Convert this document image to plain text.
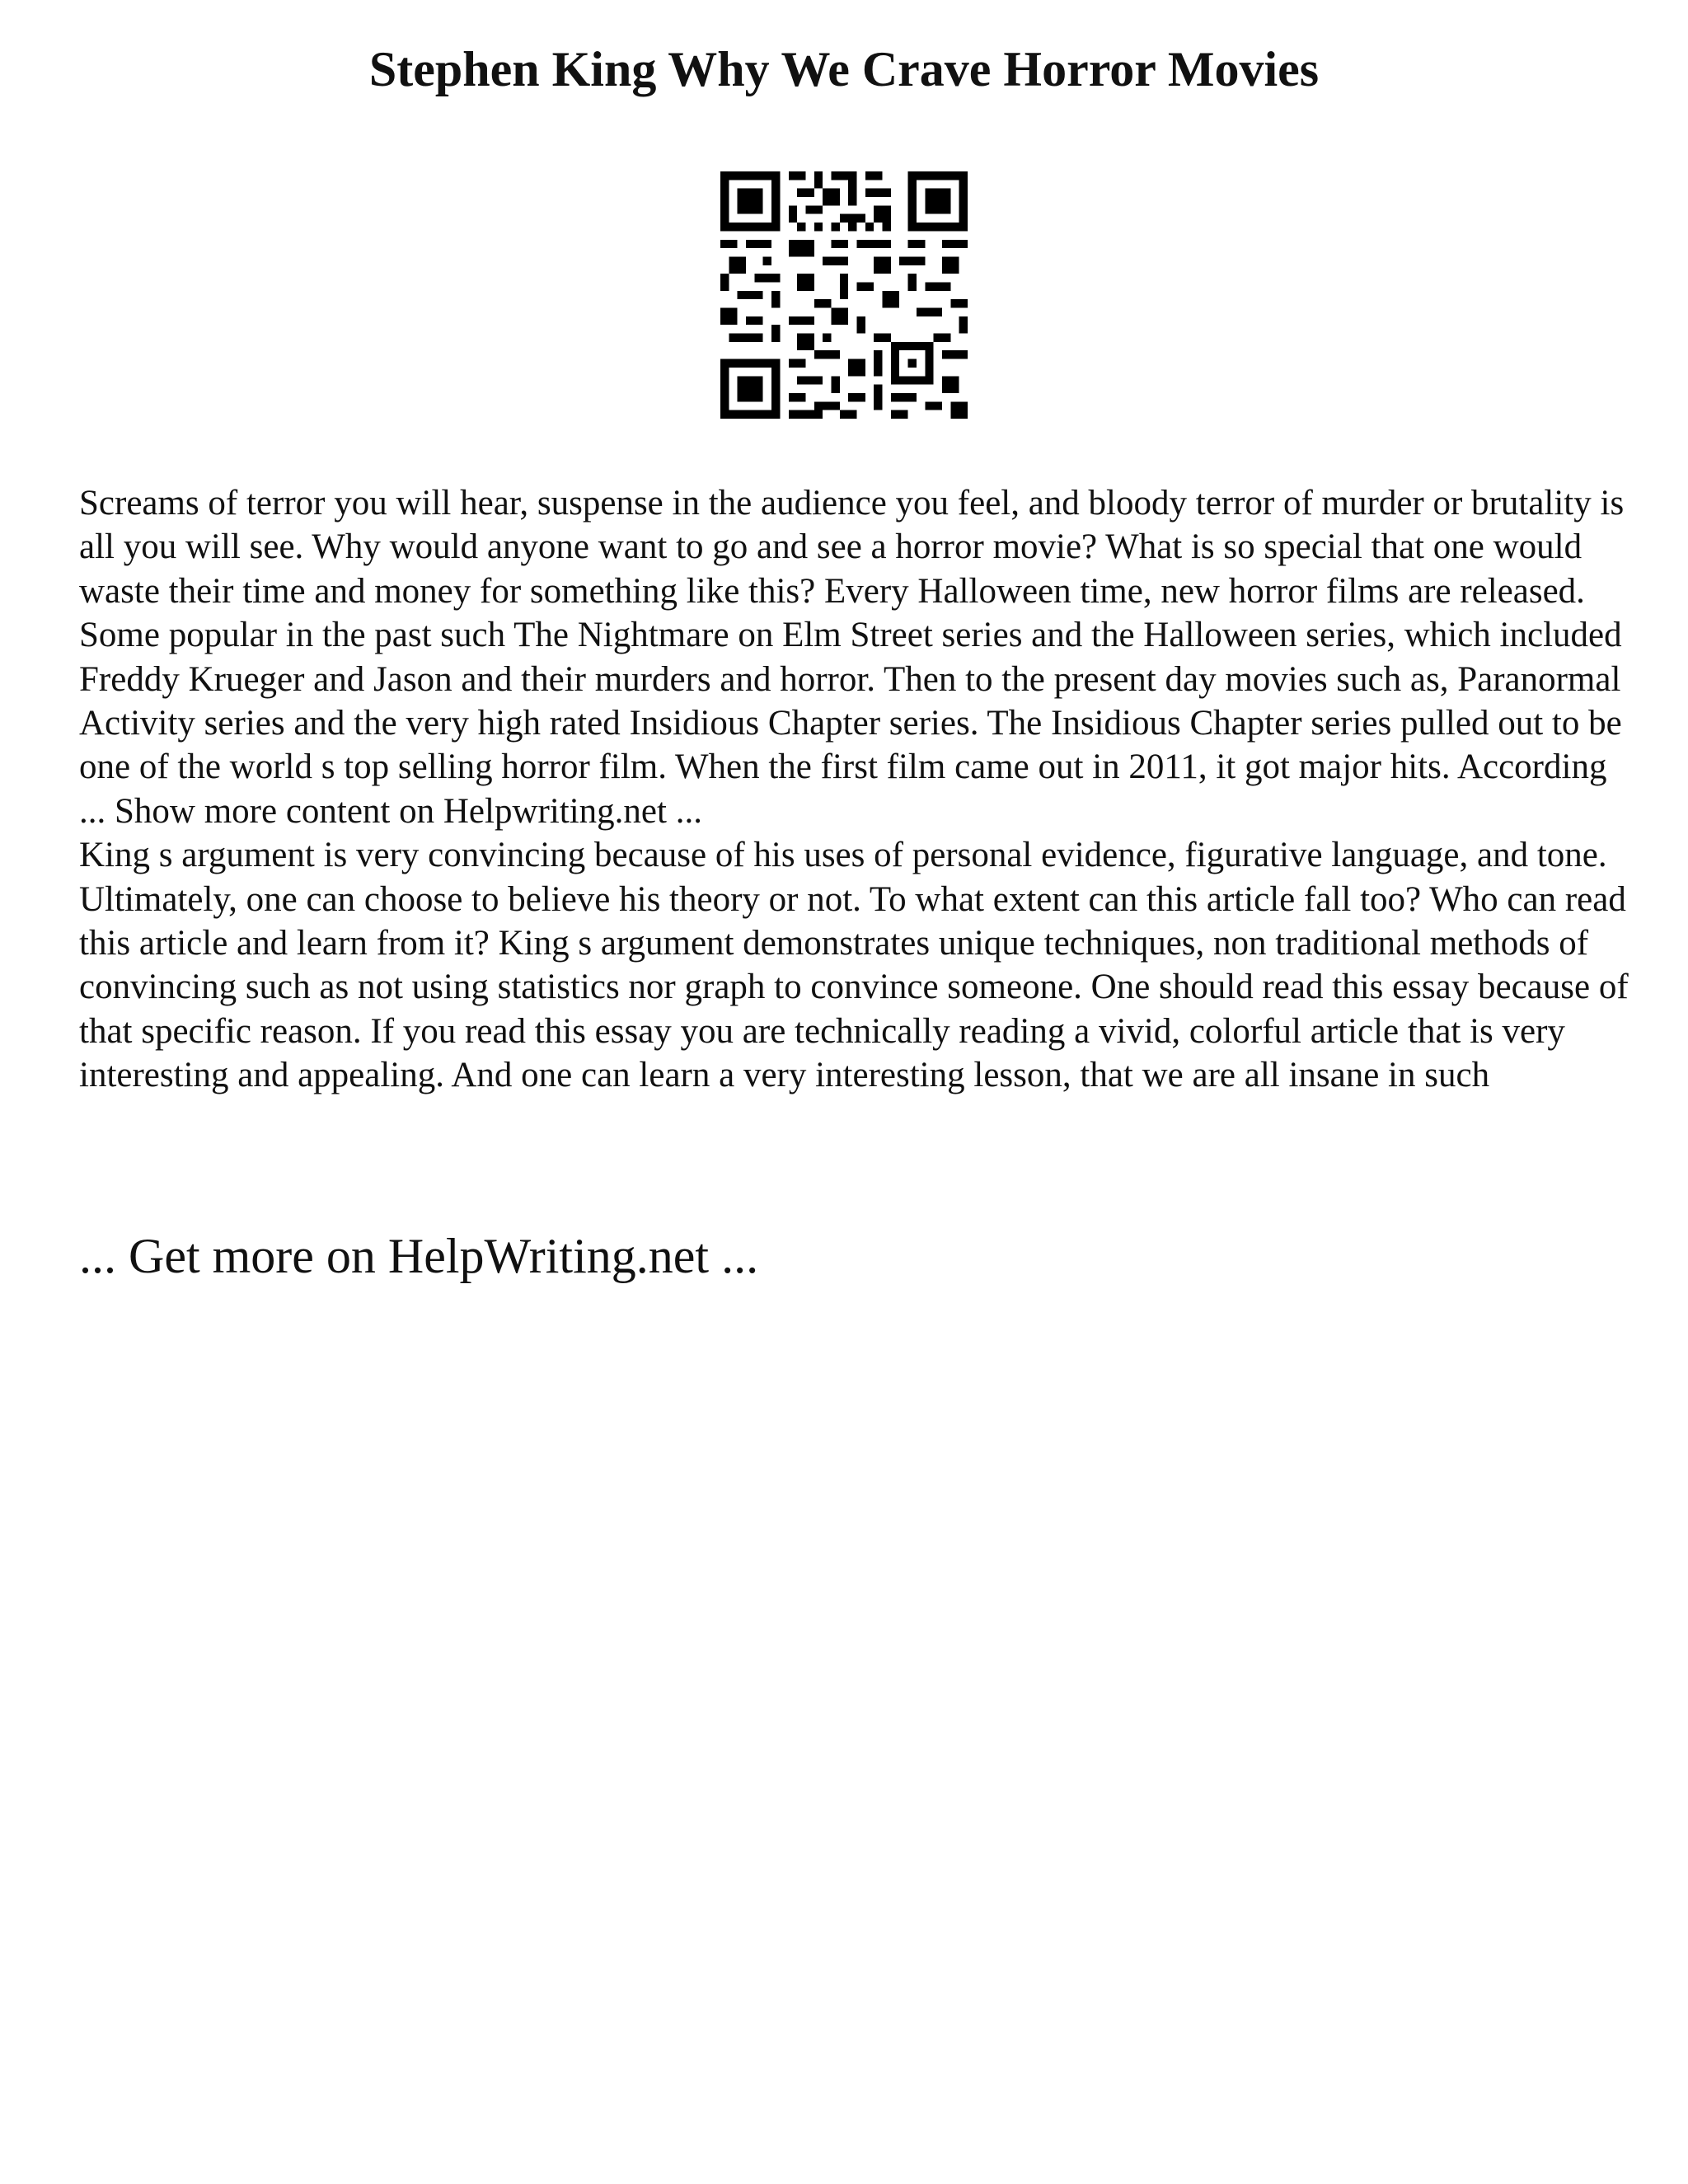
Stephen King Why We Crave Horror Movies

Screams of terror you will hear, suspense in the audience you feel, and bloody terror of murder or brutality is all you will see. Why would anyone want to go and see a horror movie? What is so special that one would waste their time and money for something like this? Every Halloween time, new horror films are released. Some popular in the past such The Nightmare on Elm Street series and the Halloween series, which included Freddy Krueger and Jason and their murders and horror. Then to the present day movies such as, Paranormal Activity series and the very high rated Insidious Chapter series. The Insidious Chapter series pulled out to be one of the world s top selling horror film. When the first film came out in 2011, it got major hits. According ... Show more content on Helpwriting.net ...

King s argument is very convincing because of his uses of personal evidence, figurative language, and tone. Ultimately, one can choose to believe his theory or not. To what extent can this article fall too? Who can read this article and learn from it? King s argument demonstrates unique techniques, non traditional methods of convincing such as not using statistics nor graph to convince someone. One should read this essay because of that specific reason. If you read this essay you are technically reading a vivid, colorful article that is very interesting and appealing. And one can learn a very interesting lesson, that we are all insane in such

... Get more on HelpWriting.net ...
